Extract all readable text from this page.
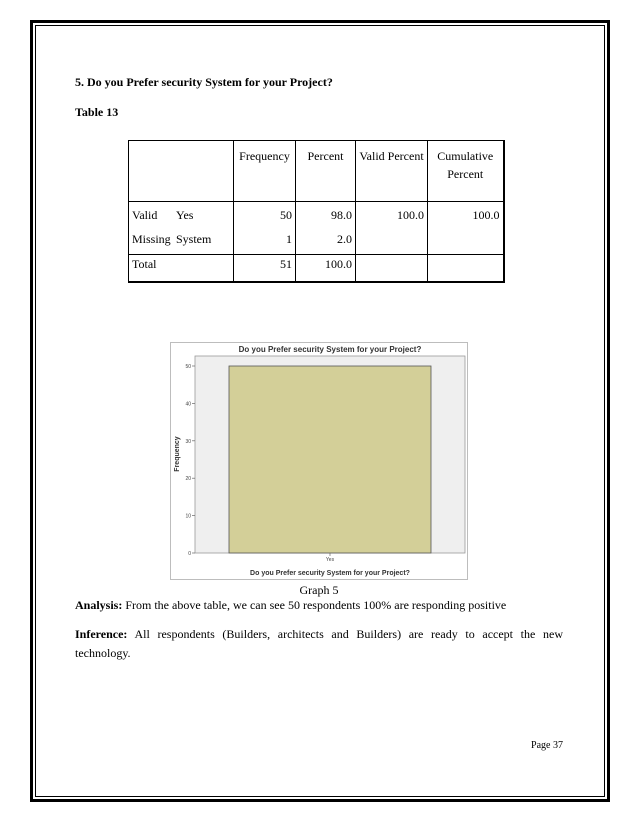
5. Do you Prefer security System for your Project?
Table 13
	Frequency	Percent	Valid Percent	Cumulative Percent
Valid Yes	50	98.0	100.0	100.0
Missing System	1	2.0		
Total	51	100.0		
Do you Prefer security System for your Project?
0
10
20
30
40
50
Frequency
Yes
Do you Prefer security System for your Project?
Graph 5
Analysis: From the above table, we can see 50 respondents 100% are responding positive
Inference: All respondents (Builders, architects and Builders) are ready to accept the new technology.
Page 37
